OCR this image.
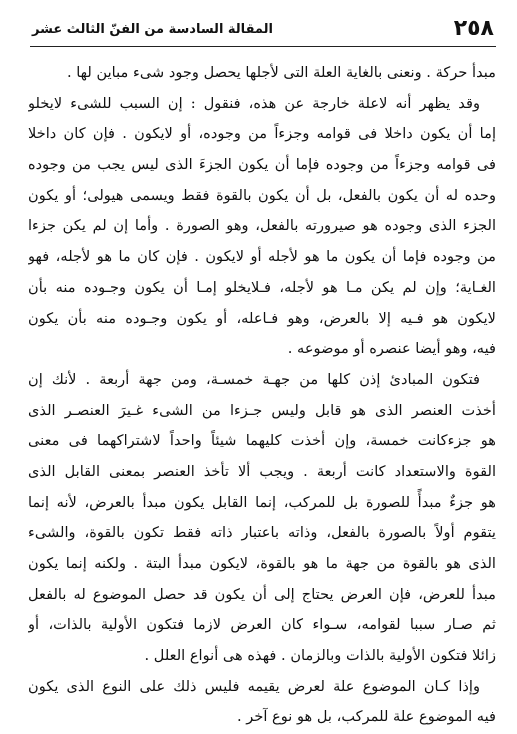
٢٥٨
المقالة السادسة من الفنّ الثالث عشر
مبدأ حركة . ونعنى بالغاية العلة التى لأجلها يحصل وجود شىء مباين لها .
وقد يظهر أنه لاعلة خارجة عن هذه، فنقول : إن السبب للشىء لايخلو
إما أن يكون داخلا فى قوامه وجزءاً من وجوده، أو لايكون . فإن كان داخلا
فى قوامه وجزءاً من وجوده فإما أن يكون الجزءَ الذى ليس يجب من وجوده
وحده له أن يكون بالفعل، بل أن يكون بالقوة فقط ويسمى هيولى؛ أو يكون
الجزء الذى وجوده هو صيرورته بالفعل، وهو الصورة . وأما إن لم يكن جزءا
من وجوده فإما أن يكون ما هو لأجله أو لايكون . فإن كان ما هو لأجله، فهو
الغـاية؛ وإن لم يكن مـا هو لأجله، فـلايخلو إمـا أن يكون وجـوده منه بأن
لايكون هو فـيه إلا بالعرض، وهو فـاعله، أو يكون وجـوده منه بأن يكون
فيه، وهو أيضا عنصره أو موضوعه .
فتكون المبادئ إذن كلها من جهـة خمسـة، ومن جهة أربعة . لأنك إن
أخذت العنصر الذى هو قابل وليس جـزءا من الشىء غـيرَ العنصـر الذى
هو جزءكانت خمسة، وإن أخذت كليهما شيئاً واحداً لاشتراكهما فى معنى
القوة والاستعداد كانت أربعة . ويجب ألا تأخذ العنصر بمعنى القابل الذى
هو جزءٌ مبدأً للصورة بل للمركب، إنما القابل يكون مبدأ بالعرض، لأنه إنما
يتقوم أولاً بالصورة بالفعل، وذاته باعتبار ذاته فقط تكون بالقوة، والشىء
الذى هو بالقوة من جهة ما هو بالقوة، لايكون مبدأ البتة . ولكنه إنما يكون
مبدأ للعرض، فإن العرض يحتاج إلى أن يكون قد حصل الموضوع له بالفعل
ثم صـار سببا لقوامه، سـواء كان العرض لازما فتكون الأولية بالذات، أو
زائلا فتكون الأولية بالذات وبالزمان . فهذه هى أنواع العلل .
وإذا كـان الموضوع علة لعرض يقيمه فليس ذلك على النوع الذى يكون
فيه الموضوع علة للمركب، بل هو نوع آخر .
